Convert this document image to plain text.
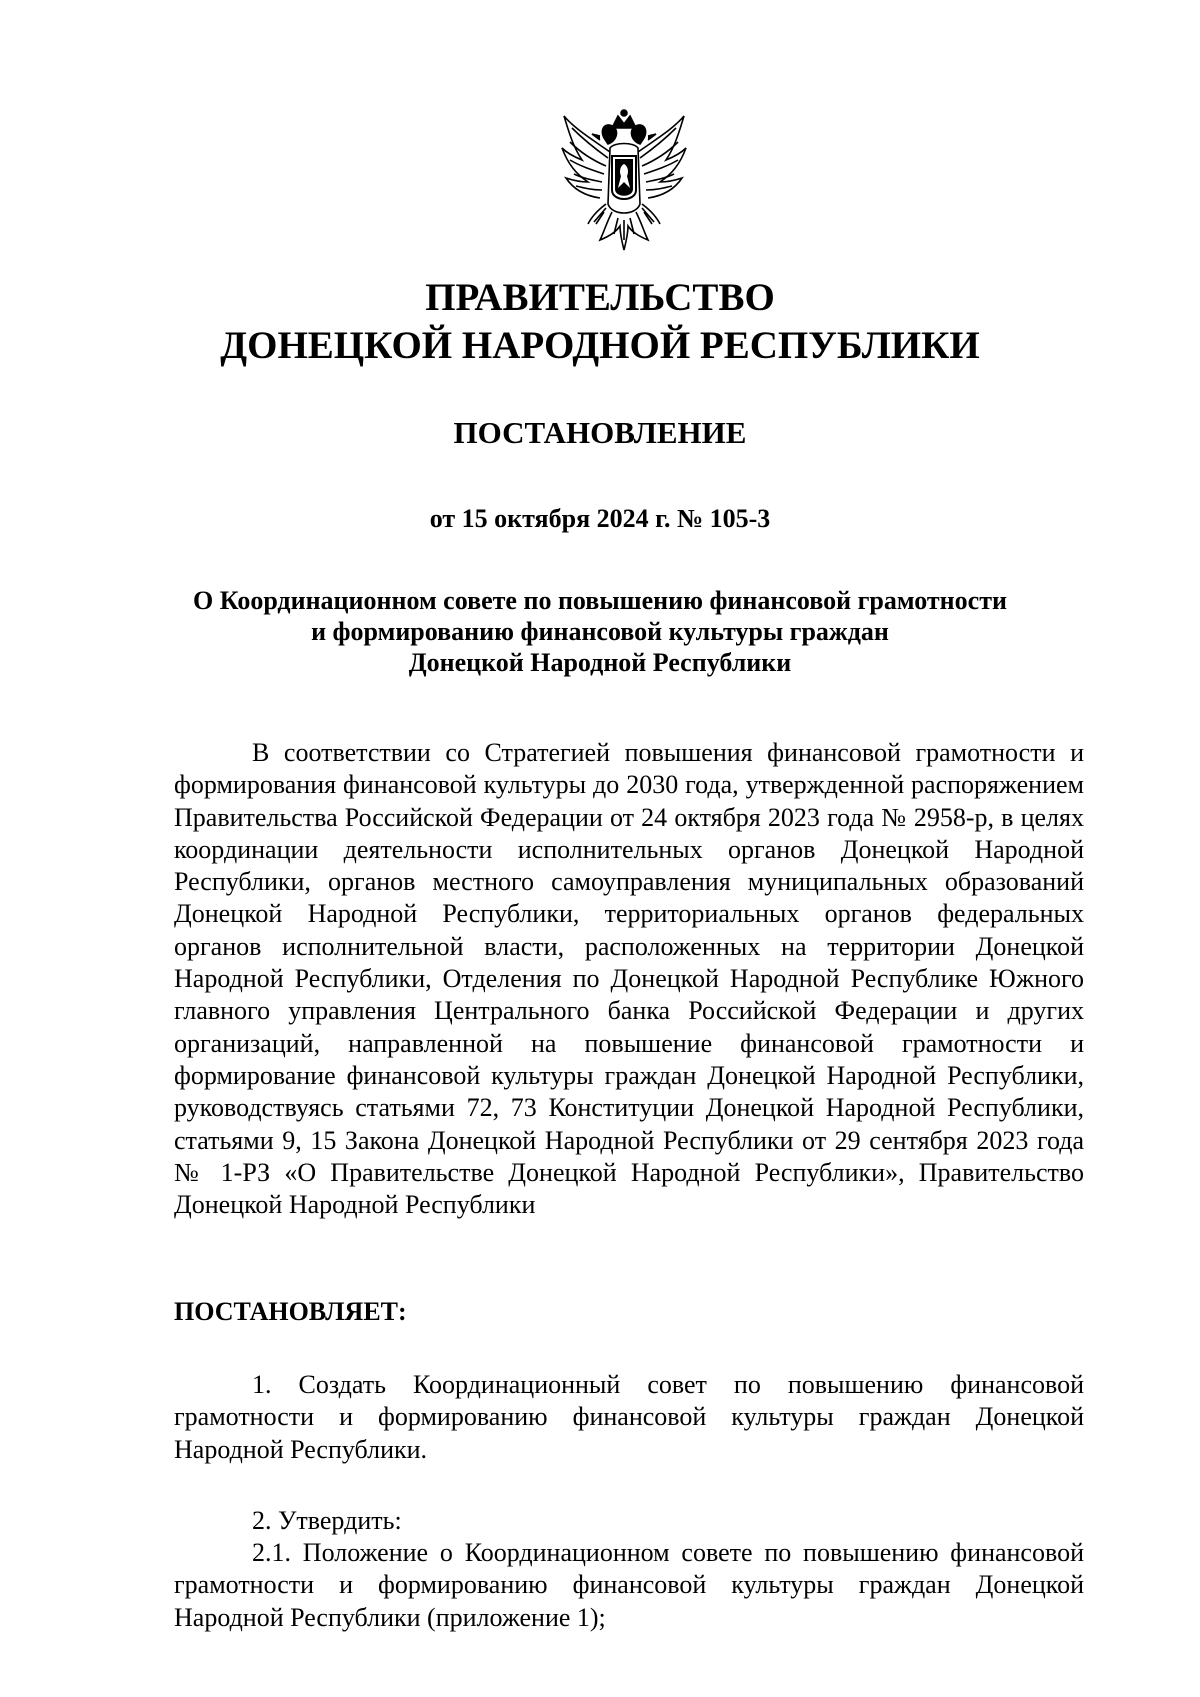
ПРАВИТЕЛЬСТВО
ДОНЕЦКОЙ НАРОДНОЙ РЕСПУБЛИКИ
ПОСТАНОВЛЕНИЕ

от 15 октября 2024 г. № 105-3

О Координационном совете по повышению финансовой грамотности
и формированию финансовой культуры граждан
Донецкой Народной Республики

В соответствии со Стратегией повышения финансовой грамотности и формирования финансовой культуры до 2030 года, утвержденной распоряжением Правительства Российской Федерации от 24 октября 2023 года № 2958-р, в целях координации деятельности исполнительных органов Донецкой Народной Республики, органов местного самоуправления муниципальных образований Донецкой Народной Республики, территориальных органов федеральных органов исполнительной власти, расположенных на территории Донецкой Народной Республики, Отделения по Донецкой Народной Республике Южного главного управления Центрального банка Российской Федерации и других организаций, направленной на повышение финансовой грамотности и формирование финансовой культуры граждан Донецкой Народной Республики, руководствуясь статьями 72, 73 Конституции Донецкой Народной Республики, статьями 9, 15 Закона Донецкой Народной Республики от 29 сентября 2023 года № 1-РЗ «О Правительстве Донецкой Народной Республики», Правительство Донецкой Народной Республики

ПОСТАНОВЛЯЕТ:

1. Создать Координационный совет по повышению финансовой грамотности и формированию финансовой культуры граждан Донецкой Народной Республики.

2. Утвердить:

2.1. Положение о Координационном совете по повышению финансовой грамотности и формированию финансовой культуры граждан Донецкой Народной Республики (приложение 1);
